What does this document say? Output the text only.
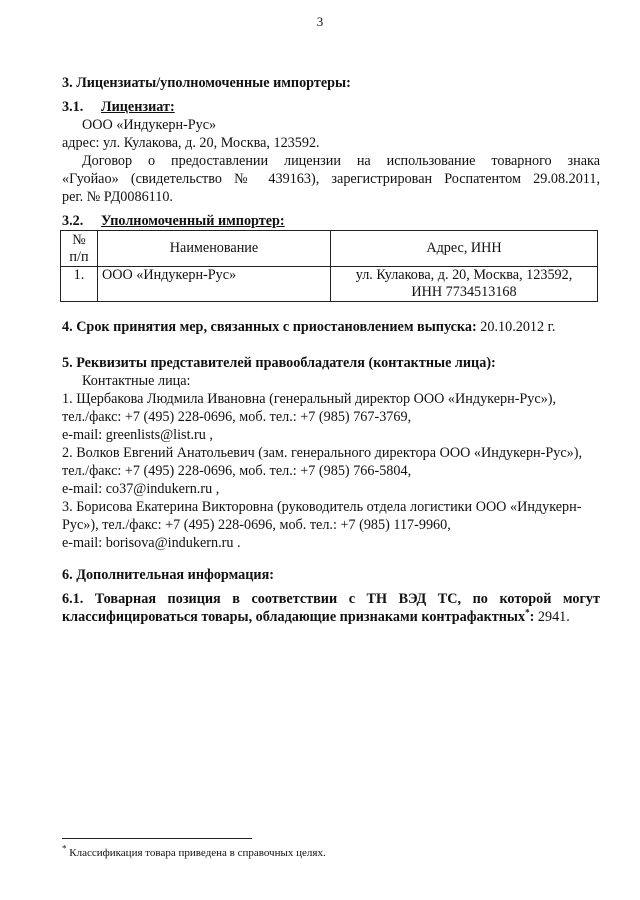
3
3. Лицензиаты/уполномоченные импортеры:
3.1. Лицензиат:
ООО «Индукерн-Рус»
адрес: ул. Кулакова, д. 20, Москва, 123592.
Договор о предоставлении лицензии на использование товарного знака
«Гуойао» (свидетельство № 439163), зарегистрирован Роспатентом 29.08.2011,
рег. № РД0086110.
3.2. Уполномоченный импортер:
№
п/п	Наименование	Адрес, ИНН
1.	ООО «Индукерн-Рус»	ул. Кулакова, д. 20, Москва, 123592,
ИНН 7734513168
4. Срок принятия мер, связанных с приостановлением выпуска: 20.10.2012 г.
5. Реквизиты представителей правообладателя (контактные лица):
Контактные лица:
1. Щербакова Людмила Ивановна (генеральный директор ООО «Индукерн-Рус»),
тел./факс: +7 (495) 228-0696, моб. тел.: +7 (985) 767-3769,
e-mail: greenlists@list.ru ,
2. Волков Евгений Анатольевич (зам. генерального директора ООО «Индукерн-Рус»),
тел./факс: +7 (495) 228-0696, моб. тел.: +7 (985) 766-5804,
e-mail: co37@indukern.ru ,
3. Борисова Екатерина Викторовна (руководитель отдела логистики ООО «Индукерн-
Рус»), тел./факс: +7 (495) 228-0696, моб. тел.: +7 (985) 117-9960,
e-mail: borisova@indukern.ru .
6. Дополнительная информация:
6.1. Товарная позиция в соответствии с ТН ВЭД ТС, по которой могут
классифицироваться товары, обладающие признаками контрафактных*: 2941.
* Классификация товара приведена в справочных целях.
